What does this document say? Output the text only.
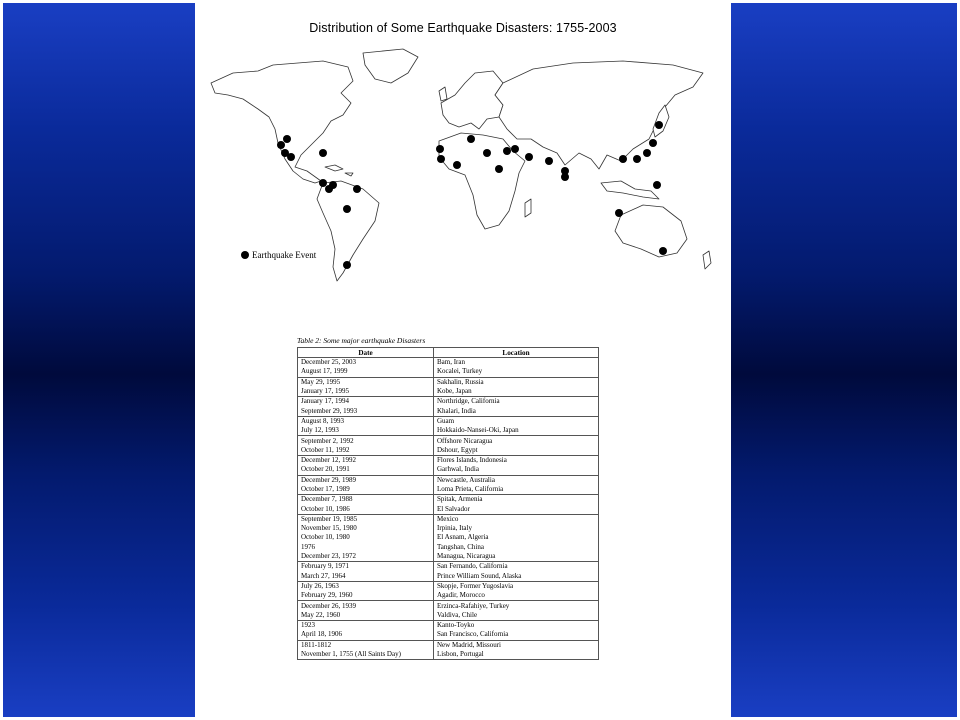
Distribution of Some Earthquake Disasters: 1755-2003
Earthquake Event
Table 2: Some major earthquake Disasters
Date	Location
December 25, 2003	Bam, Iran
August 17, 1999	Kocalei, Turkey
May 29, 1995	Sakhalin, Russia
January 17, 1995	Kobe, Japan
January 17, 1994	Northridge, California
September 29, 1993	Khalari, India
August 8, 1993	Guam
July 12, 1993	Hokkaido-Nansei-Oki, Japan
September 2, 1992	Offshore Nicaragua
October 11, 1992	Dshour, Egypt
December 12, 1992	Flores Islands, Indonesia
October 20, 1991	Garhwal, India
December 29, 1989	Newcastle, Australia
October 17, 1989	Loma Prieta, California
December 7, 1988	Spitak, Armenia
October 10, 1986	El Salvador
September 19, 1985	Mexico
November 15, 1980	Irpinia, Italy
October 10, 1980	El Asnam, Algeria
1976	Tangshan, China
December 23, 1972	Managua, Nicaragua
February 9, 1971	San Fernando, California
March 27, 1964	Prince William Sound, Alaska
July 26, 1963	Skopje, Former Yugoslavia
February 29, 1960	Agadir, Morocco
December 26, 1939	Erzinca-Rafahiye, Turkey
May 22, 1960	Valdiva, Chile
1923	Kanto-Toyko
April 18, 1906	San Francisco, California
1811-1812	New Madrid, Missouri
November 1, 1755 (All Saints Day)	Lisbon, Portugal
